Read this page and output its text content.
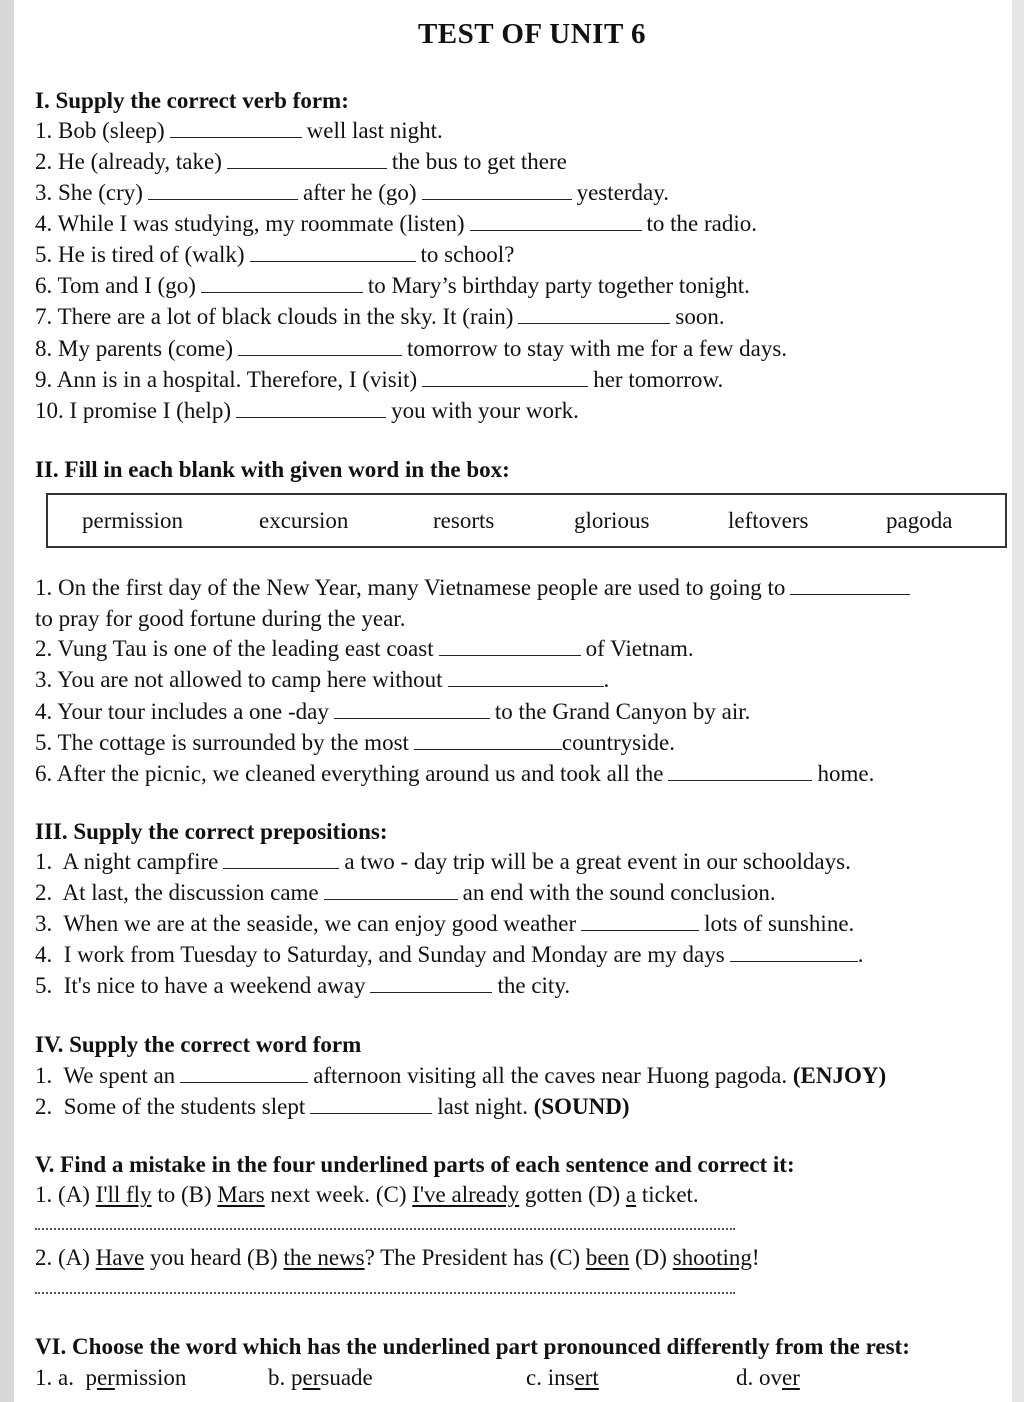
TEST OF UNIT 6
I. Supply the correct verb form:
1. Bob (sleep)	well last night.
2. He (already, take)	the bus to get there
3. She (cry)	after he (go)	yesterday.
4. While I was studying, my roommate (listen)	to the radio.
5. He is tired of (walk)	to school?
6. Tom and I (go)	to Mary’s birthday party together tonight.
7. There are a lot of black clouds in the sky. It (rain)	soon.
8. My parents (come)	tomorrow to stay with me for a few days.
9. Ann is in a hospital. Therefore, I (visit)	her tomorrow.
10. I promise I (help)	you with your work.
II. Fill in each blank with given word in the box:
permission	excursion	resorts	glorious	leftovers	pagoda
1. On the first day of the New Year, many Vietnamese people are used to going to
to pray for good fortune during the year.
2. Vung Tau is one of the leading east coast	of Vietnam.
3. You are not allowed to camp here without	.
4. Your tour includes a one -day	to the Grand Canyon by air.
5. The cottage is surrounded by the most	countryside.
6. After the picnic, we cleaned everything around us and took all the	home.
III. Supply the correct prepositions:
1. A night campfire	a two - day trip will be a great event in our schooldays.
2. At last, the discussion came	an end with the sound conclusion.
3. When we are at the seaside, we can enjoy good weather	lots of sunshine.
4. I work from Tuesday to Saturday, and Sunday and Monday are my days	.
5. It's nice to have a weekend away	the city.
IV. Supply the correct word form
1. We spent an	afternoon visiting all the caves near Huong pagoda. (ENJOY)
2. Some of the students slept	last night. (SOUND)
V. Find a mistake in the four underlined parts of each sentence and correct it:
1. (A) I'll fly to (B) Mars next week. (C) I've already gotten (D) a ticket.
2. (A) Have you heard (B) the news? The President has (C) been (D) shooting!
VI. Choose the word which has the underlined part pronounced differently from the rest:
1. a. permission	b. persuade	c. insert	d. over
